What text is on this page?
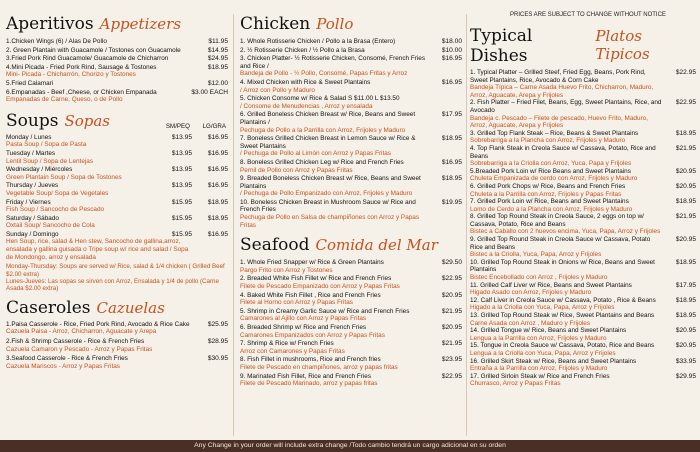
PRICES ARE SUBJECT TO CHANGE WITHOUT NOTICE
Aperitivos Appetizers
1.Chicken Wings (6) / Alas De Pollo	$11.95
2. Green Plantain with Guacamole / Tostones con Guacamole	$14.95
3.Fried Pork Rind Guacamole/ Guacamole de Chicharron	$24.95
4.Mini Picada - Fried Pork Rind, Sausage & Tostones
Mini- Picada - Chicharrón, Chorizo y Tostones
$18.95
5.Fried Calamari	$12.00
6.Empanadas - Beef ,Cheese, or Chicken Empanada
Empanadas de Carne, Queso, o de Pollo
$3.00 EACH
Soups Sopas	SM/PEQ LG/GRA
Monday / Lunes
Pasta Soup / Sopa de Pasta
$13.95 $16.95
Tuesday / Martes
Lentil Soup / Sopa de Lentejas
$13.95 $16.95
Wednesday / Miércoles
Green Plantain Soup / Sopa de Tostones
$13.95 $16.95
Thursday / Jueves
Vegetable Soup/ Sopa de Vegetales
$13.95 $16.95
Friday / Viernes
Fish Soup / Sancocho de Pescado
$15.95 $18.95
Saturday / Sábado
Oxtail Soup/ Sancocho de Cola
$15.95 $18.95
Sunday / Domingo
Hen Soup, rice, salad & Hen stew, Sancocho de gallina,arroz, ensalada y gallina guisada o Tripe soup w/ rice and salad / Sopa de Mondongo, arroz y ensalada
$15.95 $16.95
Monday-Thursday: Soups are served w/ Rice, salad & 1/4 chicken ( Grilled Beef $2.00 extra)
Lunes-Jueves: Las sopas se sirven con Arroz, Ensalada y 1/4 de pollo (Carne Asada $2.00 extra)
Caseroles Cazuelas
1.Paisa Casserole - Rice, Fried Pork Rind, Avocado & Rice Cake
Cazuela Paisa - Arroz, Chicharron, Aguacate y Arepa
$25.95
2.Fish & Shrimp Casserole - Rice & French Fries
Cazuela Camaron y Pescado - Arroz y Papas Fritas
$28.95
3.Seafood Casserole - Rice & French Fries
Cazuela Mariscos - Arroz y Papas Fritas
$30.95
Chicken Pollo
1. Whole Rotisserie Chicken / Pollo a la Brasa (Entero)	$18.00
2. ½ Rotisserie Chicken / ½ Pollo a la Brasa	$10.00
3. Chicken Platter- ½ Rotisserie Chicken, Consomé, French Fries and Rice /
Bandeja de Pollo - ½ Pollo, Consomé, Papas Fritas y Arroz
$16.95
4. Mixed Chicken with Rice & Sweet Plantains
/ Arroz con Pollo y Maduro
$16.95
5. Chicken Consome w/ Rice & Salad S $11.00 L $13.50
/ Consome de Menudencias , Arroz y ensalada
6. Grilled Boneless Chicken Breast w/ Rice, Beans and Sweet Plantains /
Pechuga de Pollo a la Parrilla con Arroz, Frijoles y Maduro
$17.95
7. Boneless Grilled Chicken Breast in Lemon Sauce w/ Rice & Sweet Plantains
/ Pechuga de Pollo al Limón con Arroz y Papas Fritas
$18.95
8. Boneless Grilled Chicken Leg w/ Rice and French Fries
Pernil de Pollo con Arroz y Papas Fritas
$16.95
9. Breaded Boneless Chicken Breast w/ Rice, Beans and Sweet Plantains
/ Pechuga de Pollo Empanizado con Arroz, Frijoles y Maduro
$18.95
10. Boneless Chicken Breast in Mushroom Sauce w/ Rice and French Fries
Pechuga de Pollo en Salsa de champiñones con Arroz y Papas Fritas
$19.95
Seafood Comida del Mar
1. Whole Fried Snapper w/ Rice & Green Plantains
Pargo Frito con Arroz y Tostones
$29.50
2. Breaded White Fish Fillet w/ Rice and French Fries
Filete de Pescado Empanizado con Arroz y Papas Fritas
$22.95
4. Baked White Fish Fillet , Rice and French Fries
Filete al Horno con Arroz y Papas Fritas
$20.95
5. Shrimp in Creamy Garlic Sauce w/ Rice and French Fries
Camarones al Ajillo con Arroz y Papas Fritas
$21.95
6. Breaded Shrimp w/ Rice and French Fries
Camarones Empanizados con Arroz y Papas Fritas
$20.95
7. Shrimp & Rice w/ French Fries
Arroz con Camarones y Papas Fritas
$21.95
8. Fish Fillet in mushrooms, Rice and French fries
Filete de Pescado en champiñones, arroz y papas fritas
$23.95
9. Marinated Fish Fillet, Rice and French Fries
Filete de Pescado Marinado, arroz y papas fritas
$22.95
Typical Dishes
Platos Tipicos
1. Typical Platter – Grilled Steef, Fried Egg, Beans, Pork Rind, Sweet Plantains, Rice, Avocado & Corn Cake
Bandeja Típica – Carne Asada Huevo Frito, Chicharron, Maduro, Arroz, Aguacate, Arepa y Frijoles
$22.95
2. Fish Platter – Fried Filet, Beans, Egg, Sweet Plantains, Rice, and Avocado
Bandeja c. Pescado – Filete de pescado, Huevo Frito, Maduro, Arroz, Aguacate, Arepa y Frijoles
$22.95
3. Grilled Top Flank Steak – Rice, Beans & Sweet Plantains
Sobrebarriga a la Plancha con Arroz, Frijoles y Maduro
$18.95
4. Top Flank Steak in Creola Sauce w/ Cassava, Potato, Rice and Beans
Sobrebarriga a la Criolla con Arroz, Yuca, Papa y Frijoles
$21.95
5.Breaded Pork Loin w/ Rice Beans and Sweet Plantains
Chuleta Empanizada de cerdo con Arroz, Frijoles y Maduro
$20.95
6. Grilled Pork Chops w/ Rice, Beans and French Fries
Chuleta a la Parrilla con Arroz, Frijoles y Papas Fritas
$20.95
7. Grilled Pork Loin w/ Rice, Beans and Sweet Plantains
Lomo de Cerdo a la Plancha con Arroz, Frijoles y Maduro
$18.95
8. Grilled Top Round Steak in Creola Sauce, 2 eggs on top w/ Cassava, Potato, Rice and Beans
Bistec a Caballo con 2 huevos encima, Yuca, Papa, Arroz y Frijoles
$21.95
9. Grilled Top Round Steak in Creola Sauce w/ Cassava, Potato Rice and Beans
Bistec a la Criolla, Yuca, Papa, Arroz y Frijoles
$20.95
10. Grilled Top Round Steak in Onions w/ Rice, Beans and Sweet Plantains
Bistec Encebollado con Arroz , Frijoles y Maduro
$18.95
11. Grilled Calf Liver w/ Rice, Beans and Sweet Plantains
Higado Asado con Arroz, Frijoles y Maduro
$17.95
12. Calf Liver in Creola Sauce w/ Cassava, Potato , Rice & Beans
Higado a la Criolla con Yuca, Papa, Arroz y Frijoles
$18.95
13. Grilled Top Round Steak w/ Rice, Sweet Plantains and Beans
Carne Asada con Arroz , Maduro y Frijoles
$18.95
14. Grilled Tongue w/ Rice, Beans and Sweet Plantains
Lengua a la Parrilla con Arroz, Frijoles y Maduro
$20.95
15. Tongue in Creola Sauce w/ Cassava, Potato, Rice and Beans
Lengua a la Criolla con Yuca, Papa, Arroz y Frijoles
$20.95
16. Grilled Skirt Steak w/ Rice, Beans and Sweet Plantains
Entraña a la Parrilla con Arroz, Frijoles y Maduro
$33.95
17. Grilled Sirloin Steak w/ Rice and French Fries
Churrasco, Arroz y Papas Fritas
$29.95
Any Change in your order will include extra change /Todo cambio tendrá un cargo adicional en su orden
